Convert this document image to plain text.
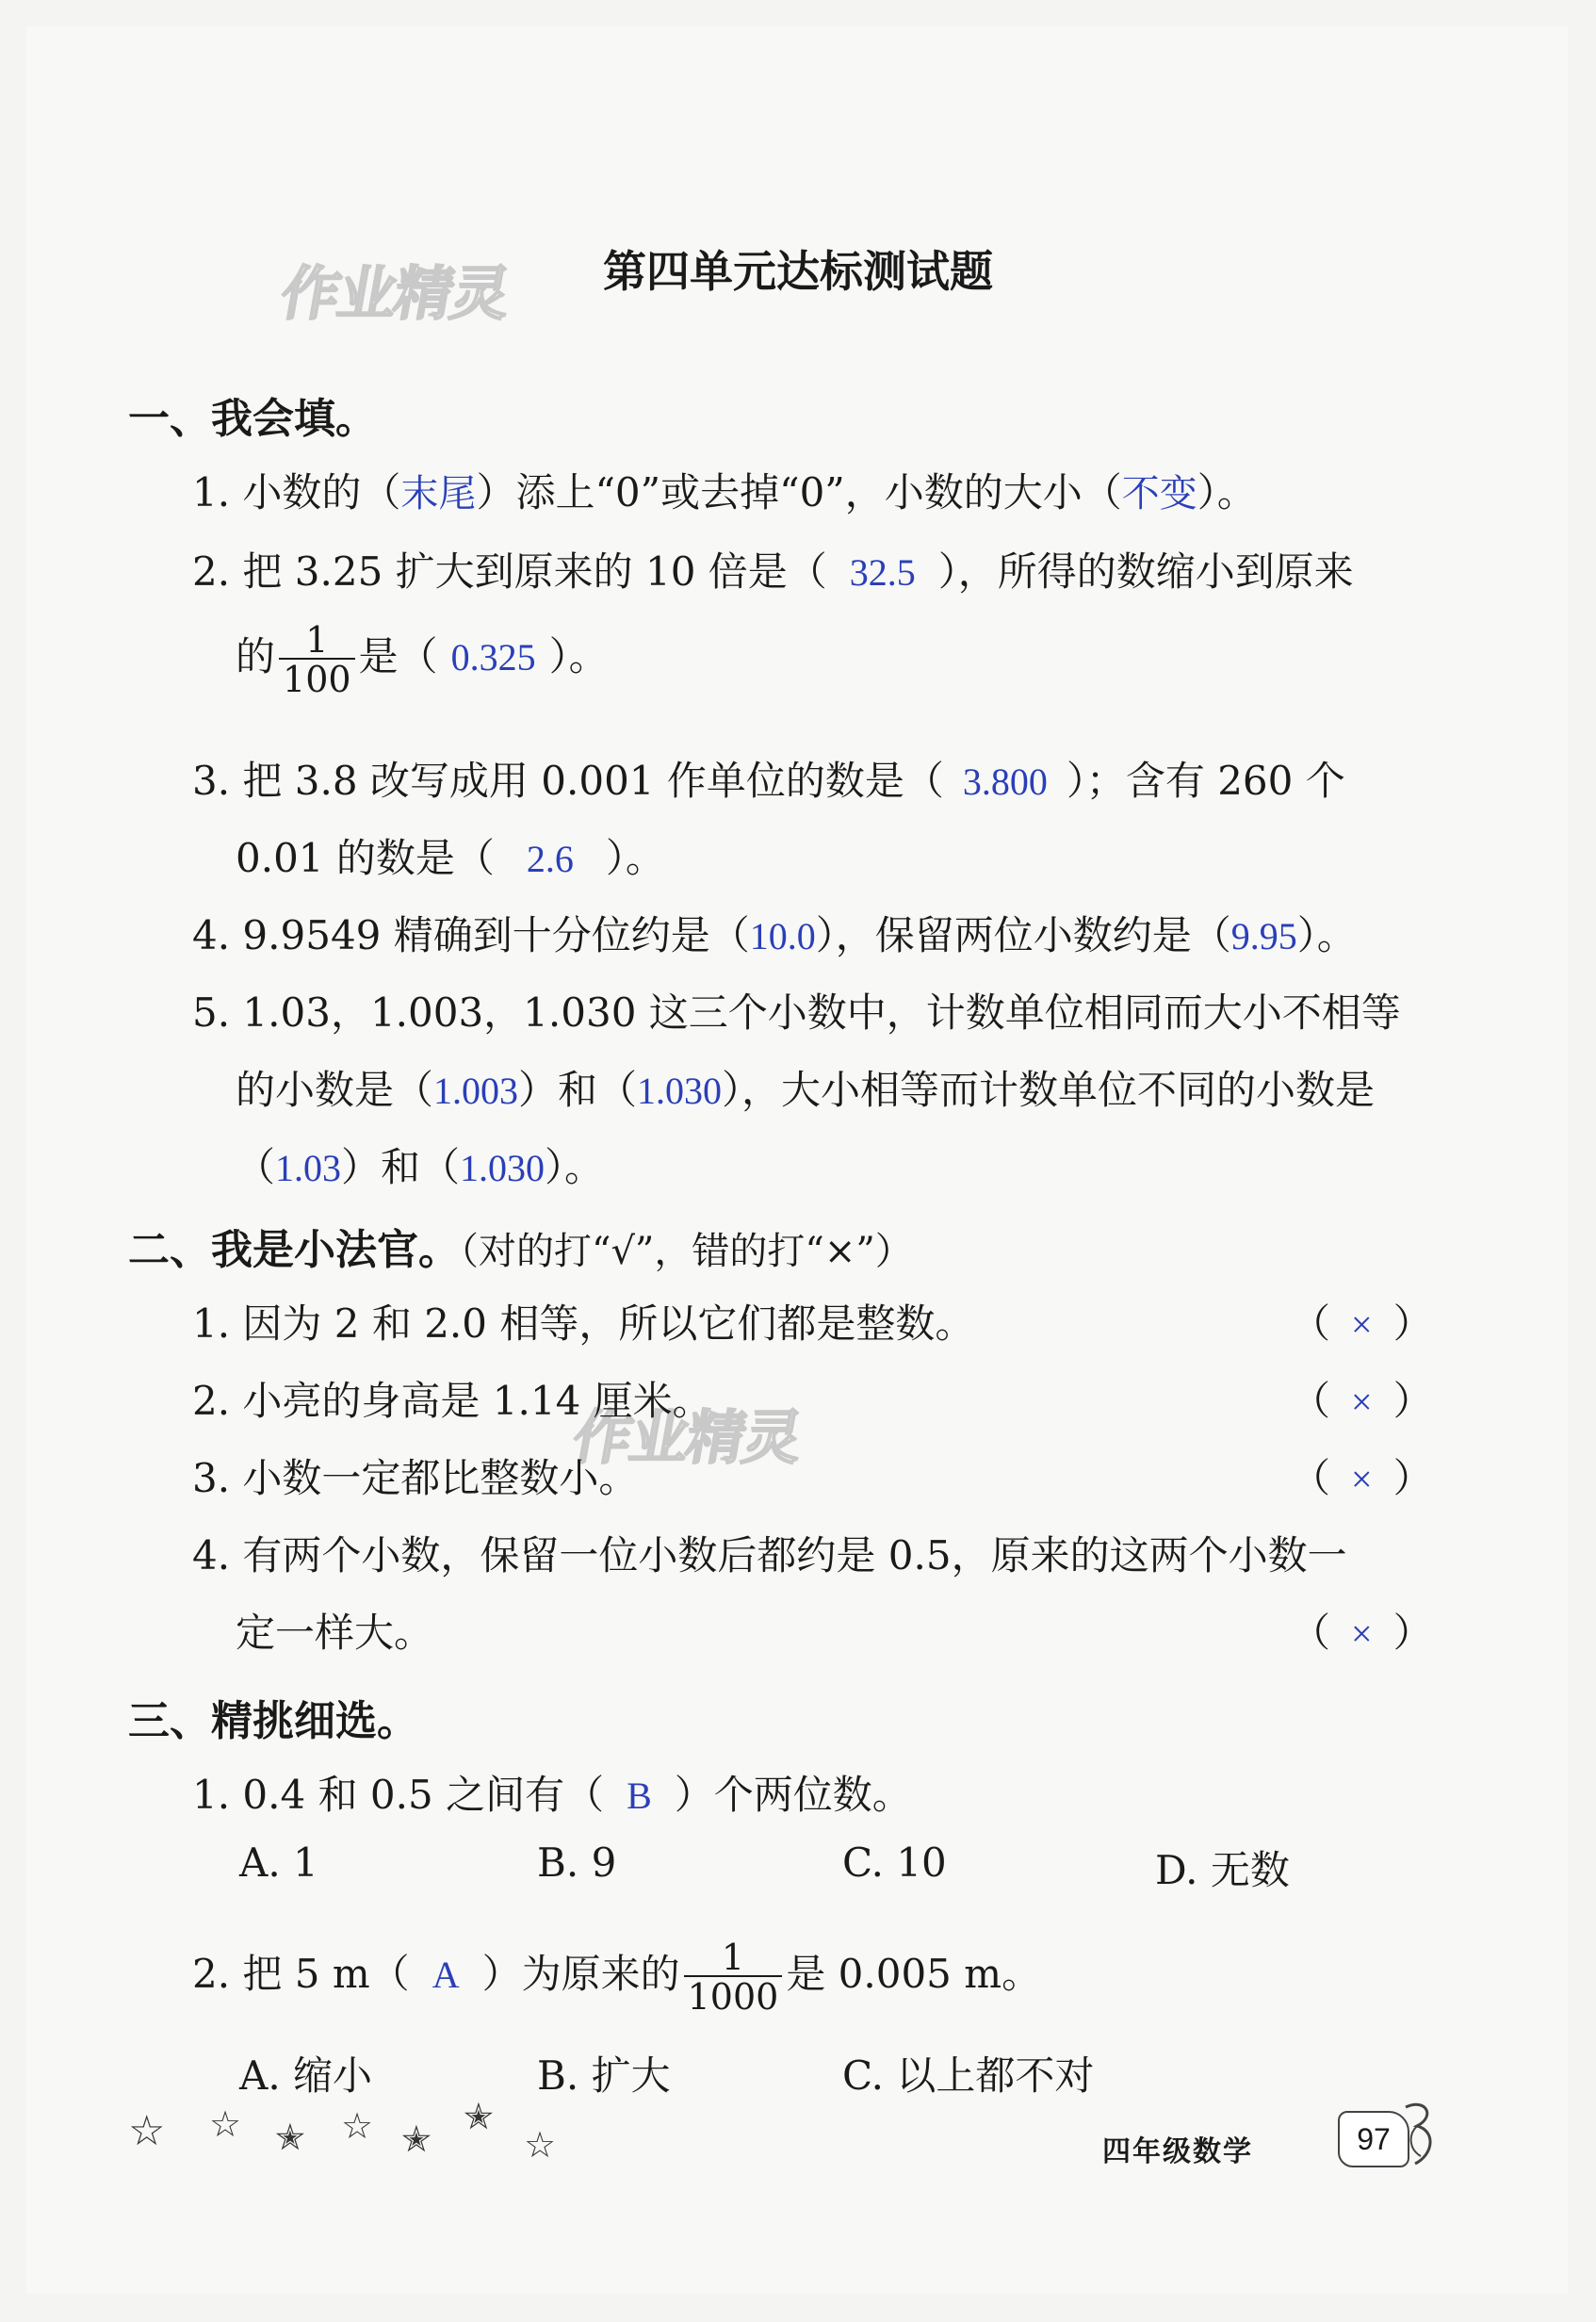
作业精灵
作业精灵
第四单元达标测试题
一、我会填。
1. 小数的（末尾）添上“0”或去掉“0”，小数的大小（不变）。
2. 把 3.25 扩大到原来的 10 倍是（ 32.5 ），所得的数缩小到原来
的 $\frac{1}{100}$ 是（ 0.325 ）。
3. 把 3.8 改写成用 0.001 作单位的数是（ 3.800 ）；含有 260 个
0.01 的数是（ 2.6 ）。
4. 9.9549 精确到十分位约是（10.0），保留两位小数约是（9.95）。
5. 1.03，1.003，1.030 这三个小数中，计数单位相同而大小不相等
的小数是（1.003）和（1.030），大小相等而计数单位不同的小数是
（1.03）和（1.030）。
二、我是小法官。（对的打“√”，错的打“×”）
1. 因为 2 和 2.0 相等，所以它们都是整数。	（ × ）
2. 小亮的身高是 1.14 厘米。	（ × ）
3. 小数一定都比整数小。	（ × ）
4. 有两个小数，保留一位小数后都约是 0.5，原来的这两个小数一
定一样大。	（ × ）
三、精挑细选。
1. 0.4 和 0.5 之间有（ B ）个两位数。
A. 1	B. 9	C. 10	D. 无数
2. 把 5 m（ A ）为原来的 $\frac{1}{1000}$ 是 0.005 m。
A. 缩小	B. 扩大	C. 以上都不对
☆ ☆ ✭ ☆ ✭
✭
☆	四年级数学	97
